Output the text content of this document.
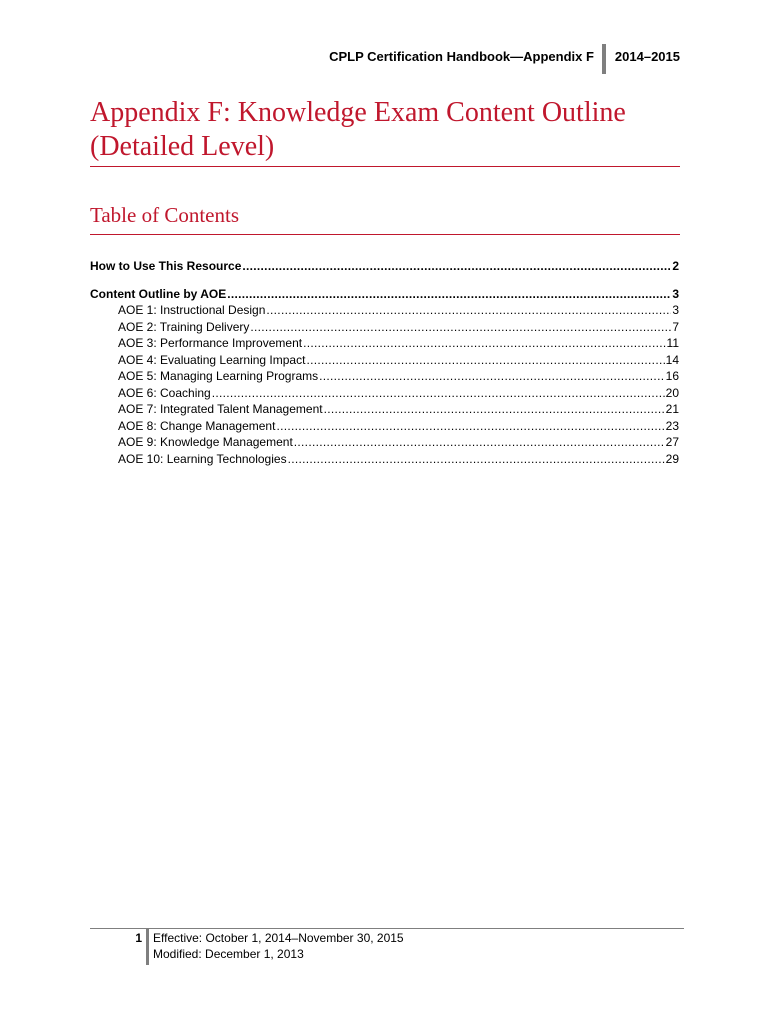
CPLP Certification Handbook—Appendix F	2014–2015
Appendix F: Knowledge Exam Content Outline (Detailed Level)
Table of Contents
How to Use This Resource .....	2
Content Outline by AOE .....	3
AOE 1: Instructional Design .....	3
AOE 2: Training Delivery .....	7
AOE 3: Performance Improvement .....	11
AOE 4: Evaluating Learning Impact .....	14
AOE 5: Managing Learning Programs .....	16
AOE 6: Coaching .....	20
AOE 7: Integrated Talent Management .....	21
AOE 8: Change Management .....	23
AOE 9: Knowledge Management .....	27
AOE 10: Learning Technologies .....	29
1 Effective: October 1, 2014–November 30, 2015
Modified: December 1, 2013
